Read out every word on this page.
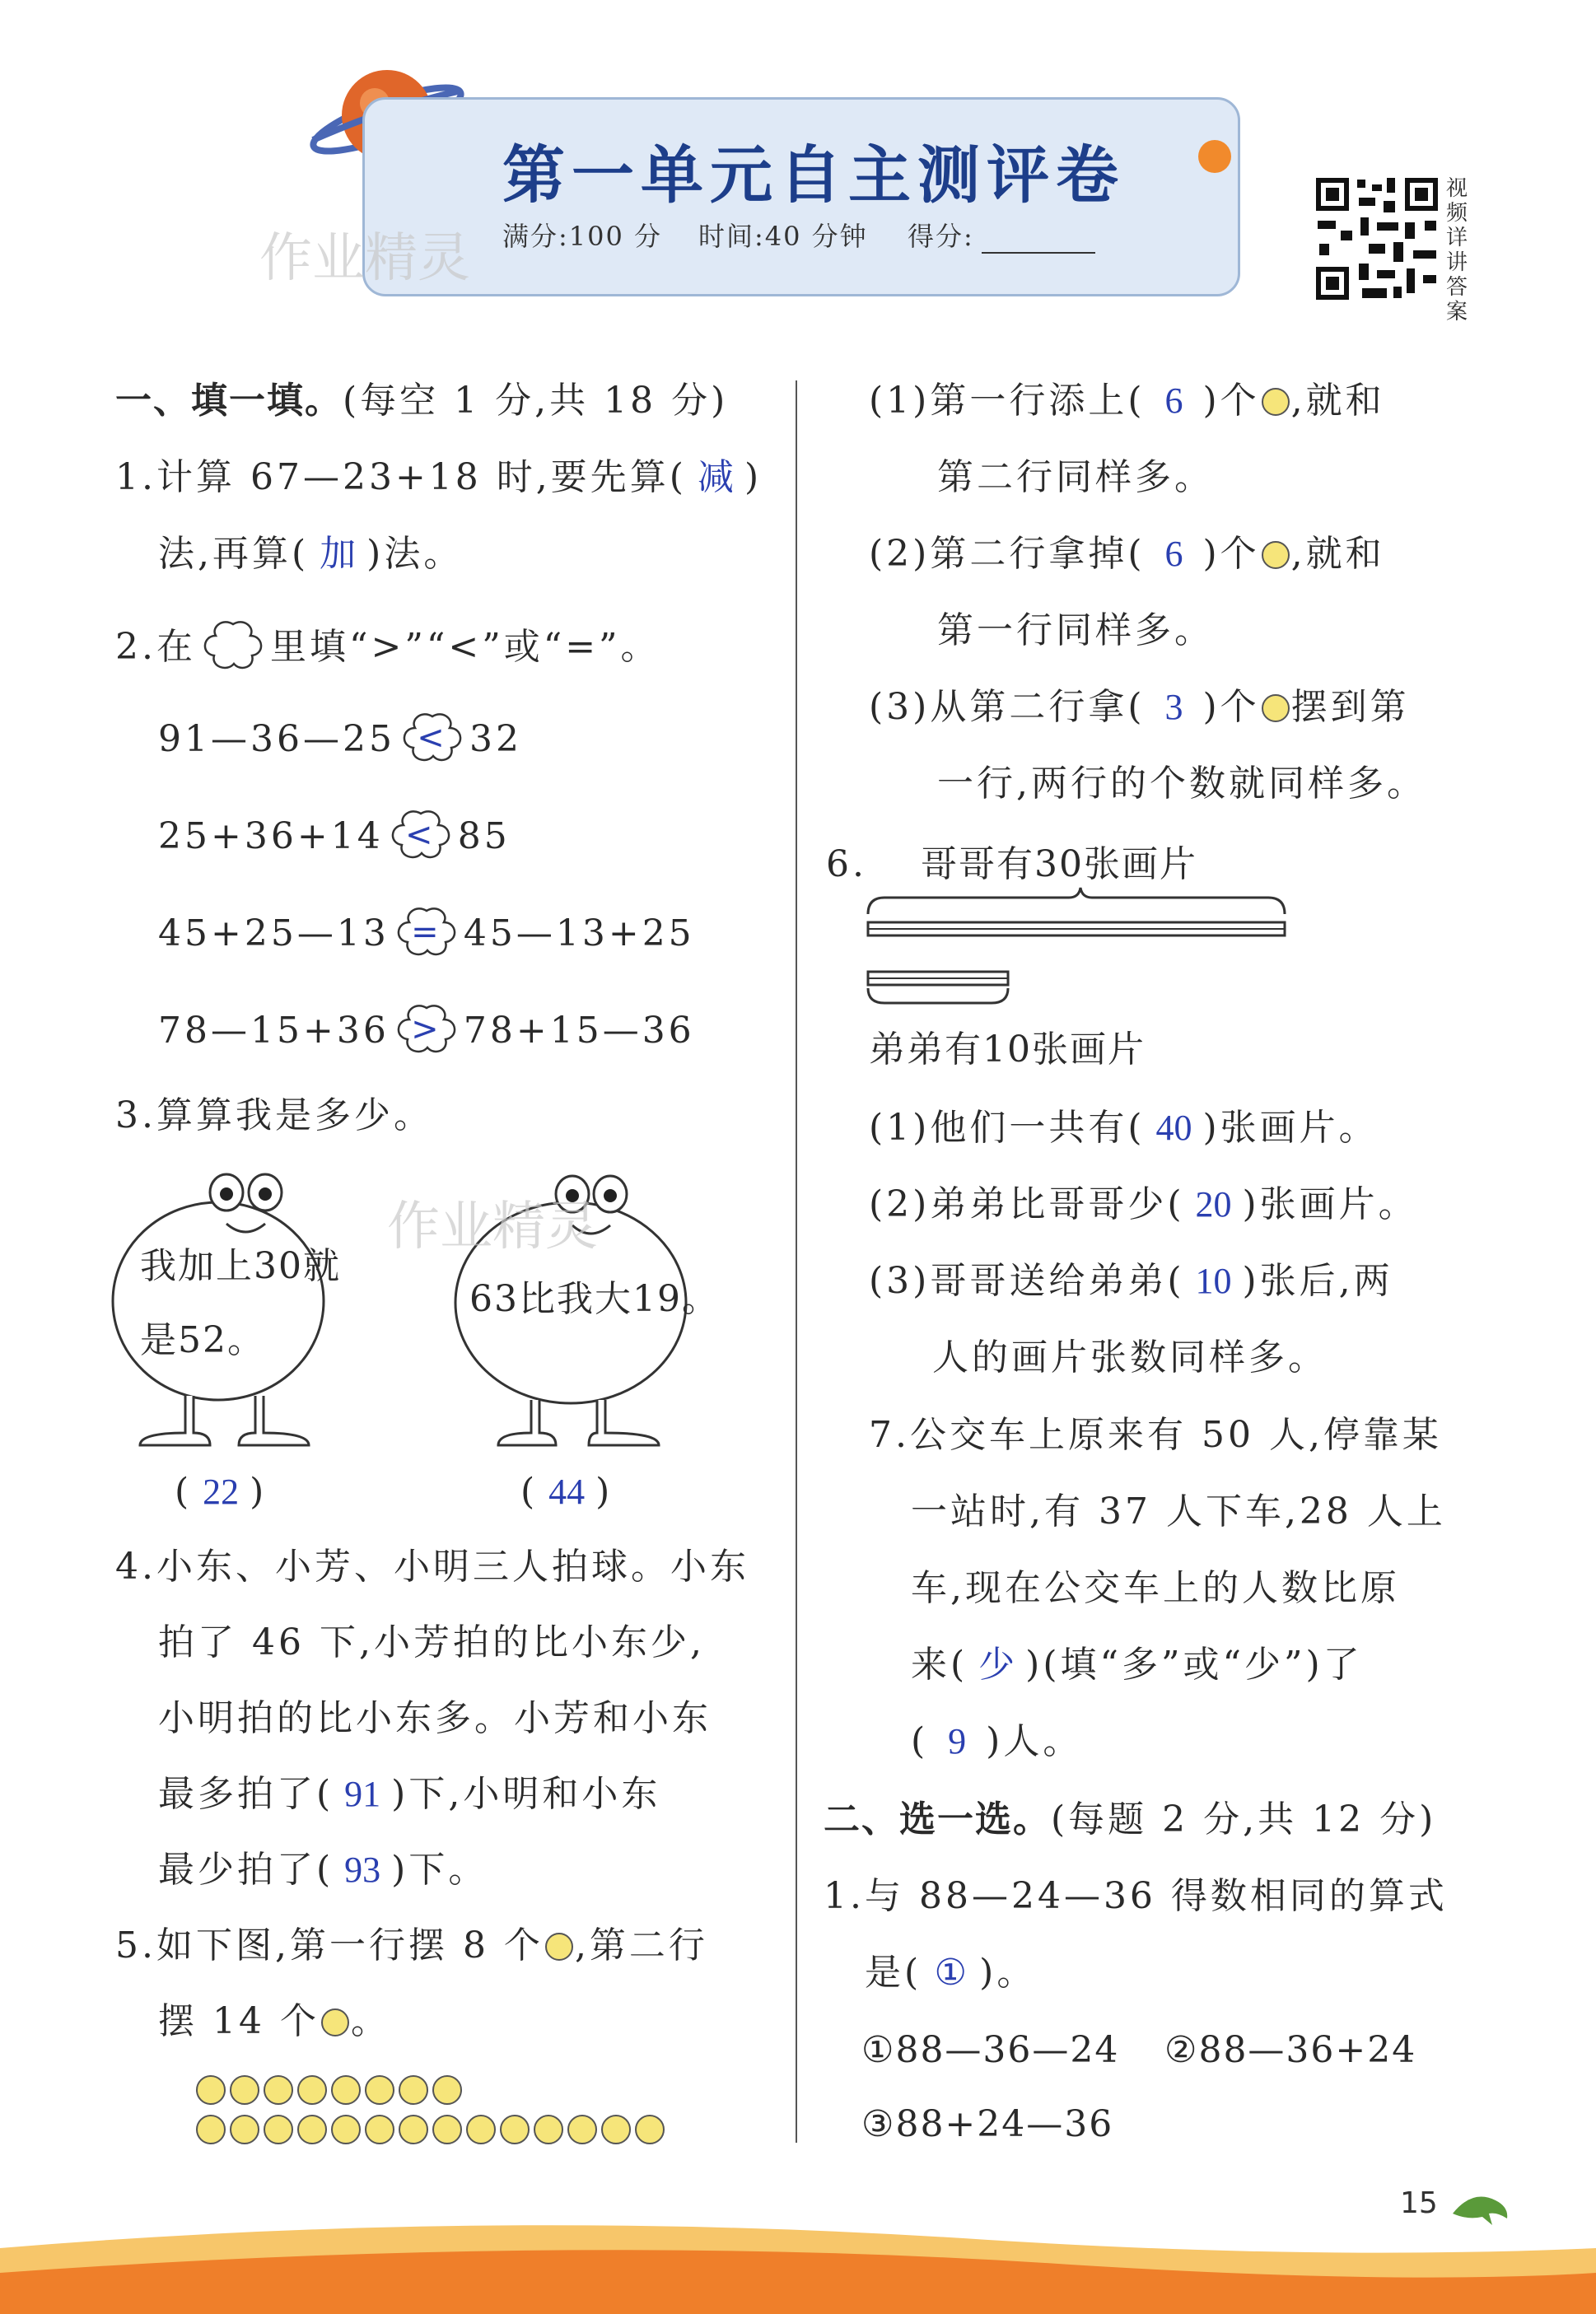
第一单元自主测评卷
满分:100 分 时间:40 分钟 得分:
作业精灵
视频详讲答案
一、填一填。(每空 1 分,共 18 分)
1.计算 67—23+18 时,要先算( 减 )
法,再算( 加 )法。
2.在 里填“>”“<”或“=”。
91—36—25 < 32
25+36+14 < 85
45+25—13 = 45—13+25
78—15+36 > 78+15—36
3.算算我是多少。
我加上30就
是52。
63比我大19。
作业精灵
( 22 )	( 44 )
4.小东、小芳、小明三人拍球。小东
拍了 46 下,小芳拍的比小东少,
小明拍的比小东多。小芳和小东
最多拍了( 91 )下,小明和小东
最少拍了( 93 )下。
5.如下图,第一行摆 8 个 ,第二行
摆 14 个 。
(1)第一行添上( 6 )个 ,就和
第二行同样多。
(2)第二行拿掉( 6 )个 ,就和
第一行同样多。
(3)从第二行拿( 3 )个 摆到第
一行,两行的个数就同样多。
6. 哥哥有30张画片
弟弟有10张画片
(1)他们一共有( 40 )张画片。
(2)弟弟比哥哥少( 20 )张画片。
(3)哥哥送给弟弟( 10 )张后,两
人的画片张数同样多。
7.公交车上原来有 50 人,停靠某
一站时,有 37 人下车,28 人上
车,现在公交车上的人数比原
来( 少 )(填“多”或“少”)了
( 9 )人。
二、选一选。(每题 2 分,共 12 分)
1.与 88—24—36 得数相同的算式
是( ① )。
①88—36—24 ②88—36+24
③88+24—36
15
